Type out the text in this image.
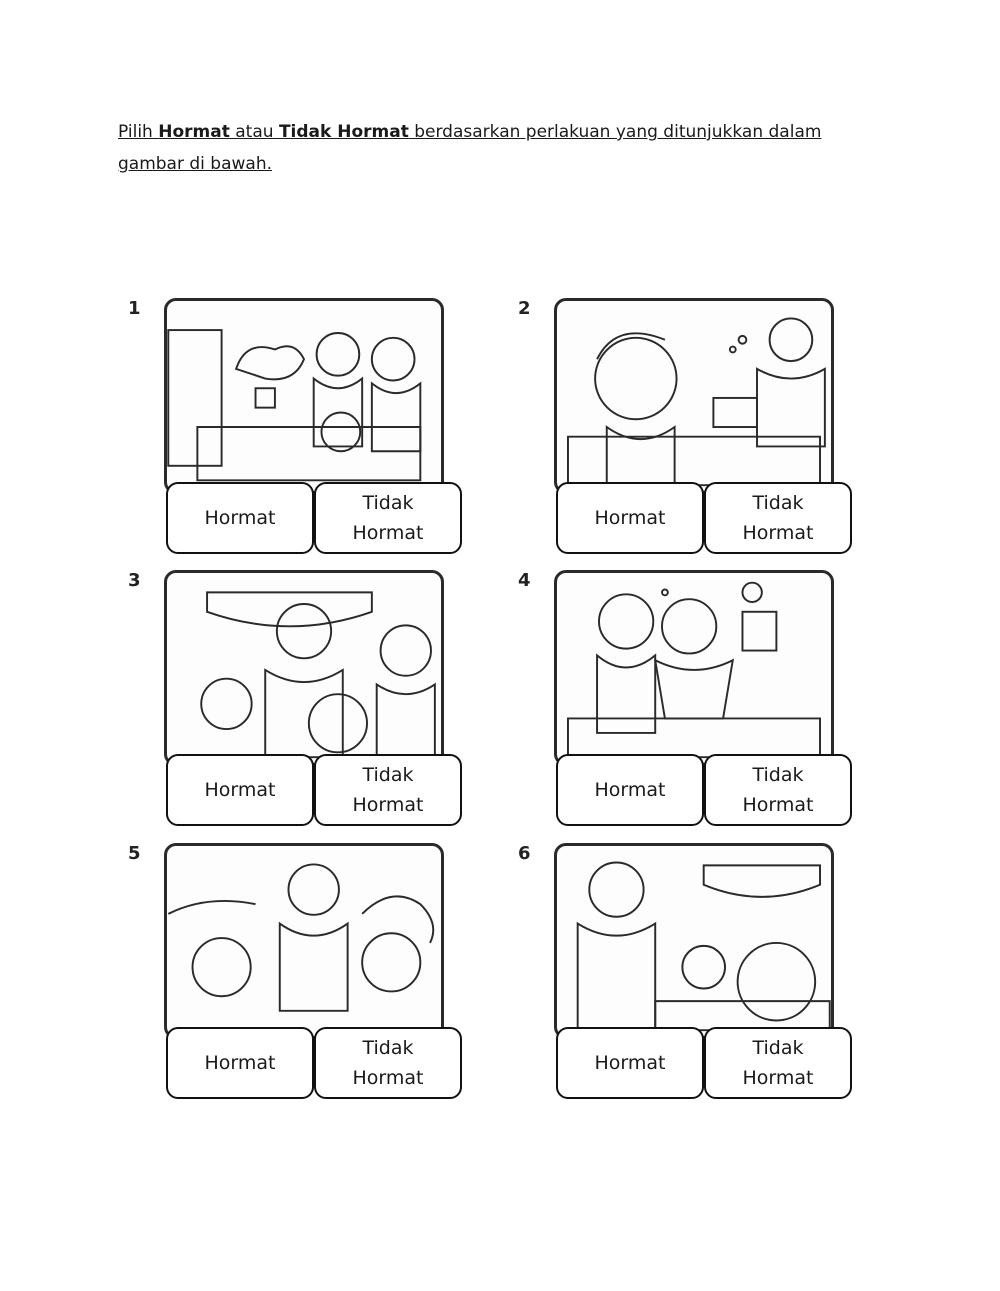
Pilih Hormat atau Tidak Hormat berdasarkan perlakuan yang ditunjukkan dalam gambar di bawah.
1
Hormat
Tidak
Hormat
2
Hormat
Tidak
Hormat
3
Hormat
Tidak
Hormat
4
Hormat
Tidak
Hormat
5
Hormat
Tidak
Hormat
6
Hormat
Tidak
Hormat
